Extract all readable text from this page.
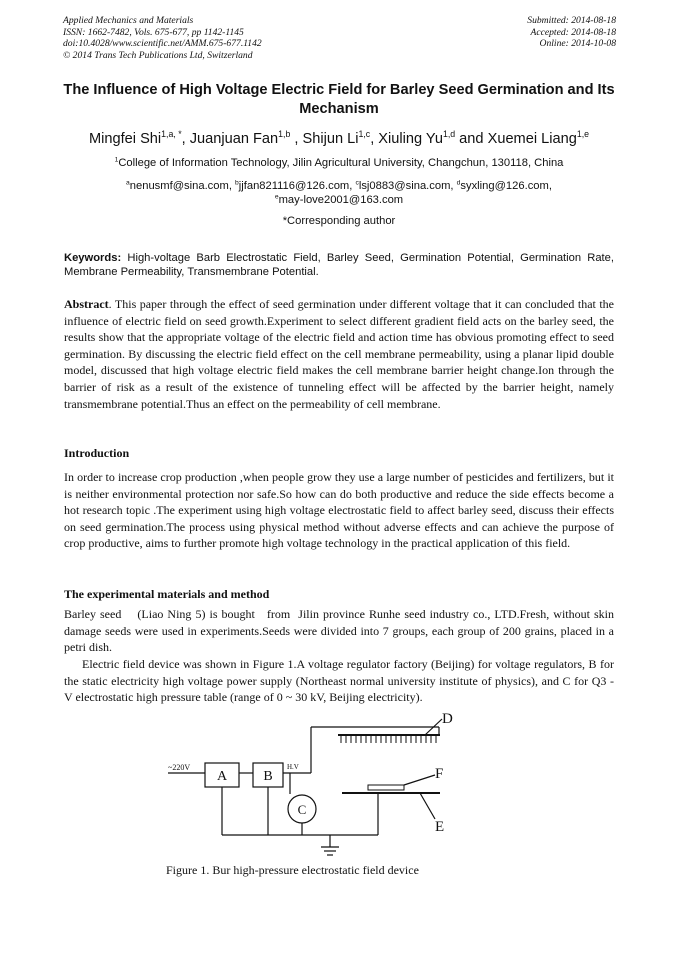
Applied Mechanics and Materials
ISSN: 1662-7482, Vols. 675-677, pp 1142-1145
doi:10.4028/www.scientific.net/AMM.675-677.1142
© 2014 Trans Tech Publications Ltd, Switzerland
Submitted: 2014-08-18
Accepted: 2014-08-18
Online: 2014-10-08
The Influence of High Voltage Electric Field for Barley Seed Germination and Its Mechanism
Mingfei Shi$^{1,a, *}$, Juanjuan Fan$^{1,b}$ , Shijun Li$^{1,c}$, Xiuling Yu$^{1,d}$ and Xuemei Liang$^{1,e}$
$^1$College of Information Technology, Jilin Agricultural University, Changchun, 130118, China
$^a$nenusmf@sina.com, $^b$jjfan821116@126.com, $^c$lsj0883@sina.com, $^d$syxling@126.com,
$^e$may-love2001@163.com
*Corresponding author
Keywords: High-voltage Barb Electrostatic Field, Barley Seed, Germination Potential, Germination Rate, Membrane Permeability, Transmembrane Potential.
Abstract. This paper through the effect of seed germination under different voltage that it can concluded that the influence of electric field on seed growth.Experiment to select different gradient field acts on the barley seed, the results show that the appropriate voltage of the electric field and action time has obvious promoting effect to seed germination. By discussing the electric field effect on the cell membrane permeability, using a planar lipid double model, discussed that high voltage electric field makes the cell membrane barrier height change.Ion through the barrier of risk as a result of the existence of tunneling effect will be affected by the barrier height, namely transmembrane potential.Thus an effect on the permeability of cell membrane.
Introduction
In order to increase crop production ,when people grow they use a large number of pesticides and fertilizers, but it is neither environmental protection nor safe.So how can do both productive and reduce the side effects become a hot research topic .The experiment using high voltage electrostatic field to affect barley seed, discuss their effects on seed germination.The process using physical method without adverse effects and can achieve the purpose of crop productive, aims to further promote high voltage technology in the practical application of this field.
The experimental materials and method
Barley seed    (Liao Ning 5) is bought   from  Jilin province Runhe seed industry co., LTD.Fresh, without skin damage seeds were used in experiments.Seeds were divided into 7 groups, each group of 200 grains, placed in a petri dish.
Electric field device was shown in Figure 1.A voltage regulator factory (Beijing) for voltage regulators, B for the static electricity high voltage power supply (Northeast normal university institute of physics), and C for Q3 - V electrostatic high pressure table (range of 0 ~ 30 kV, Beijing electricity).
~220V
A	B
H.V
C
D
F
E
Figure 1. Bur high-pressure electrostatic field device
